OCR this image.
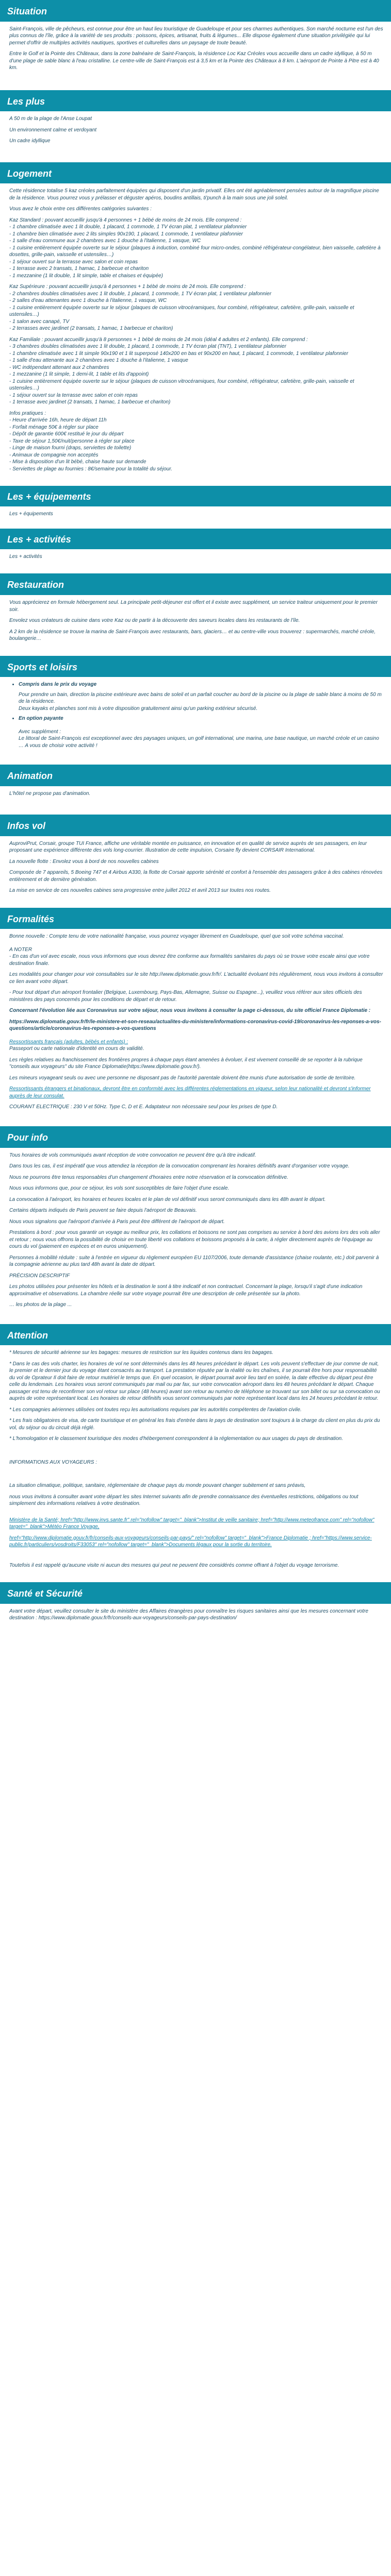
Situation

Saint-François, ville de pêcheurs, est connue pour être un haut lieu touristique de Guadeloupe et pour ses charmes authentiques. Son marché nocturne est l'un des plus connus de l'île, grâce à la variété de ses produits : poissons, épices, artisanat, fruits & légumes... Elle dispose également d'une situation privilégiée qui lui permet d'offrir de multiples activités nautiques, sportives et culturelles dans un paysage de toute beauté.

Entre le Golf et la Pointe des Châteaux, dans la zone balnéaire de Saint-François, la résidence Loc Kaz Créoles vous accueille dans un cadre idyllique, à 50 m d'une plage de sable blanc à l'eau cristalline. Le centre-ville de Saint-François est à 3,5 km et la Pointe des Châteaux à 8 km. L'aéroport de Pointe à Pitre est à 40 km.

Les plus

A 50 m de la plage de l'Anse Loupat

Un environnement calme et verdoyant

Un cadre idyllique

Logement

Cette résidence totalise 5 kaz créoles parfaitement équipées qui disposent d'un jardin privatif. Elles ont été agréablement pensées autour de la magnifique piscine de la résidence. Vous pourrez vous y prélasser et déguster apéros, boudins antillais, ti'punch à la main sous une joli soleil.

Vous avez le choix entre ces différentes catégories suivantes :

Kaz Standard : pouvant accueillir jusqu'à 4 personnes + 1 bébé de moins de 24 mois. Elle comprend :
- 1 chambre climatisée avec 1 lit double, 1 placard, 1 commode, 1 TV écran plat, 1 ventilateur plafonnier
- 1 chambre bien climatisée avec 2 lits simples 90x190, 1 placard, 1 commode, 1 ventilateur plafonnier
- 1 salle d'eau commune aux 2 chambres avec 1 douche à l'italienne, 1 vasque, WC
- 1 cuisine entièrement équipée ouverte sur le séjour (plaques à induction, combiné four micro-ondes, combiné réfrigérateur-congélateur, bien vaisselle, cafetière à dosettes, grille-pain, vaisselle et ustensiles…)
- 1 séjour ouvert sur la terrasse avec salon et coin repas
- 1 terrasse avec 2 transats, 1 hamac, 1 barbecue et chariton
- 1 mezzanine (1 lit double, 1 lit simple, table et chaises et équipée)
Kaz Supérieure : pouvant accueillir jusqu'à 4 personnes + 1 bébé de moins de 24 mois. Elle comprend :
- 2 chambres doubles climatisées avec 1 lit double, 1 placard, 1 commode, 1 TV écran plat, 1 ventilateur plafonnier
- 2 salles d'eau attenantes avec 1 douche à l'italienne, 1 vasque, WC
- 1 cuisine entièrement équipée ouverte sur le séjour (plaques de cuisson vitrocéramiques, four combiné, réfrigérateur, cafetière, grille-pain, vaisselle et ustensiles…)
- 1 salon avec canapé, TV
- 2 terrasses avec jardinet (2 transats, 1 hamac, 1 barbecue et chariton)
Kaz Familiale : pouvant accueillir jusqu'à 8 personnes + 1 bébé de moins de 24 mois (idéal 4 adultes et 2 enfants). Elle comprend :
- 3 chambres doubles climatisées avec 1 lit double, 1 placard, 1 commode, 1 TV écran plat (TNT), 1 ventilateur plafonnier
- 1 chambre climatisée avec 1 lit simple 90x190 et 1 lit superposé 140x200 en bas et 90x200 en haut, 1 placard, 1 commode, 1 ventilateur plafonnier
- 1 salle d'eau attenante aux 2 chambres avec 1 douche à l'italienne, 1 vasque
- WC indépendant attenant aux 2 chambres
- 1 mezzanine (1 lit simple, 1 demi-lit, 1 table et lits d'appoint)
- 1 cuisine entièrement équipée ouverte sur le séjour (plaques de cuisson vitrocéramiques, four combiné, réfrigérateur, cafetière, grille-pain, vaisselle et ustensiles…)
- 1 séjour ouvert sur la terrasse avec salon et coin repas
- 1 terrasse avec jardinet (2 transats, 1 hamac, 1 barbecue et chariton)
Infos pratiques :
- Heure d'arrivée 16h, heure de départ 11h
- Forfait ménage 50€ à régler sur place
- Dépôt de garantie 600€ restitué le jour du départ
- Taxe de séjour 1,50€/nuit/personne à régler sur place
- Linge de maison fourni (draps, serviettes de toilette)
- Animaux de compagnie non acceptés
- Mise à disposition d'un lit bébé, chaise haute sur demande
- Serviettes de plage au fournies : 8€/semaine pour la totalité du séjour.
Les + équipements

Les + équipements

Les + activités

Les + activités

Restauration

Vous apprécierez en formule hébergement seul. La principale petit-déjeuner est offert et il existe avec supplément, un service traiteur uniquement pour le premier soir.

Envolez vous créateurs de cuisine dans votre Kaz ou de partir à la découverte des saveurs locales dans les restaurants de l'île.

A 2 km de la résidence se trouve la marina de Saint-François avec restaurants, bars, glaciers… et au centre-ville vous trouverez : supermarchés, marché créole, boulangerie…

Sports et loisirs
• Compris dans le prix du voyage
Pour prendre un bain, direction la piscine extérieure avec bains de soleil et un parfait coucher au bord de la piscine ou la plage de sable blanc à moins de 50 m de la résidence.
Deux kayaks et planches sont mis à votre disposition gratuitement ainsi qu'un parking extérieur sécurisé.
• En option payante
Avec supplément :
Le littoral de Saint-François est exceptionnel avec des paysages uniques, un golf international, une marina, une base nautique, un marché créole et un casino … A vous de choisir votre activité !
Animation

L'hôtel ne propose pas d'animation.

Infos vol

AuproviPrut, Corsair, groupe TUI France, affiche une véritable montée en puissance, en innovation et en qualité de service auprès de ses passagers, en leur proposant une expérience différente des vols long-courrier. Illustration de cette impulsion, Corsaire fly devient CORSAIR International.

La nouvelle flotte : Envolez vous à bord de nos nouvelles cabines

Composée de 7 appareils, 5 Boeing 747 et 4 Airbus A330, la flotte de Corsair apporte sérénité et confort à l'ensemble des passagers grâce à des cabines rénovées entièrement et de dernière génération.

La mise en service de ces nouvelles cabines sera progressive entre juillet 2012 et avril 2013 sur toutes nos routes.

Formalités

Bonne nouvelle : Compte tenu de votre nationalité française, vous pourrez voyager librement en Guadeloupe, quel que soit votre schéma vaccinal.

A NOTER

- En cas d'un vol avec escale, nous vous informons que vous devrez être conforme aux formalités sanitaires du pays où se trouve votre escale ainsi que votre destination finale.

Les modalités pour changer pour voir consultables sur le site http://www.diplomatie.gouv.fr/fr/. L'actualité évoluant très régulièrement, nous vous invitons à consulter ce lien avant votre départ.

- Pour tout départ d'un aéroport frontalier (Belgique, Luxembourg, Pays-Bas, Allemagne, Suisse ou Espagne...), veuillez vous référer aux sites officiels des ministères des pays concernés pour les conditions de départ et de retour.

Concernant l'évolution liée aux Coronavirus sur votre séjour, nous vous invitons à consulter la page ci-dessous, du site officiel France Diplomatie :

https://www.diplomatie.gouv.fr/fr/le-ministere-et-son-reseau/actualites-du-ministere/informations-coronavirus-covid-19/coronavirus-les-reponses-a-vos-questions/article/coronavirus-les-reponses-a-vos-questions

Ressortissants français (adultes, bébés et enfants) :

Passeport ou carte nationale d'identité en cours de validité.

Les règles relatives au franchissement des frontières propres à chaque pays étant amenées à évoluer, il est vivement conseillé de se reporter à la rubrique "conseils aux voyageurs" du site France Diplomatie(https://www.diplomatie.gouv.fr/).

Les mineurs voyageant seuls ou avec une personne ne disposant pas de l'autorité parentale doivent être munis d'une autorisation de sortie de territoire.

Ressortissants étrangers et binationaux, devront être en conformité avec les différentes réglementations en vigueur, selon leur nationalité et devront s'informer auprès de leur consulat.

COURANT ELECTRIQUE : 230 V et 50Hz. Type C, D et E. Adaptateur non nécessaire seul pour les prises de type D.

Pour info

Tous horaires de vols communiqués avant réception de votre convocation ne peuvent être qu'à titre indicatif.

Dans tous les cas, il est impératif que vous attendiez la réception de la convocation comprenant les horaires définitifs avant d'organiser votre voyage.

Nous ne pourrons être tenus responsables d'un changement d'horaires entre notre réservation et la convocation définitive.

Nous vous informons que, pour ce séjour, les vols sont susceptibles de faire l'objet d'une escale.

La convocation à l'aéroport, les horaires et heures locales et le plan de vol définitif vous seront communiqués dans les 48h avant le départ.

Certains départs indiqués de Paris peuvent se faire depuis l'aéroport de Beauvais.

Nous vous signalons que l'aéroport d'arrivée à Paris peut être différent de l'aéroport de départ.

Prestations à bord : pour vous garantir un voyage au meilleur prix, les collations et boissons ne sont pas comprises au service à bord des avions lors des vols aller et retour ; nous vous offrons la possibilité de choisir en toute liberté vos collations et boissons proposés à la carte, à régler directement auprès de l'équipage au cours du vol (paiement en espèces et en euros uniquement).

Personnes à mobilité réduite : suite à l'entrée en vigueur du règlement européen EU 1107/2006, toute demande d'assistance (chaise roulante, etc.) doit parvenir à la compagnie aérienne au plus tard 48h avant la date de départ.

PRÉCISION DESCRIPTIF

Les photos utilisées pour présenter les hôtels et la destination le sont à titre indicatif et non contractuel. Concernant la plage, lorsqu'il s'agit d'une indication approximative et observations. La chambre réelle sur votre voyage pourrait être une description de celle présentée sur la photo.

… les photos de la plage ...

Attention

* Mesures de sécurité aérienne sur les bagages: mesures de restriction sur les liquides contenus dans les bagages.

* Dans le cas des vols charter, les horaires de vol ne sont déterminés dans les 48 heures précédant le départ. Les vols peuvent s'effectuer de jour comme de nuit, le premier et le dernier jour du voyage étant consacrés au transport. La prestation réputée par la réalité ou les chaînes, il se pourrait être hors pour responsabilité du vol de Oprateur Il doit faire de retour mutériel le temps que. En quel occasion, le départ pourrait avoir lieu tard en soirée, la date effective du départ peut être celle du lendemain. Les horaires vous seront communiqués par mail ou par fax, sur votre convocation aéroport dans les 48 heures précédant le départ. Chaque passager est tenu de reconfirmer son vol retour sur place (48 heures) avant son retour au numéro de téléphone se trouvant sur son billet ou sur sa convocation ou auprès de votre représentant local. Les horaires de retour définitifs vous seront communiqués par notre représentant local dans les 24 heures précédant le retour.

* Les compagnies aériennes utilisées ont toutes reçu les autorisations requises par les autorités compétentes de l'aviation civile.

* Les frais obligatoires de visa, de carte touristique et en général les frais d'entrée dans le pays de destination sont toujours à la charge du client en plus du prix du vol, du séjour ou du circuit déjà réglé.

* L'homologation et le classement touristique des modes d'hébergement correspondent à la réglementation ou aux usages du pays de destination.

INFORMATIONS AUX VOYAGEURS :

La situation climatique, politique, sanitaire, réglementaire de chaque pays du monde pouvant changer subitement et sans préavis,

nous vous invitons à consulter avant votre départ les sites Internet suivants afin de prendre connaissance des éventuelles restrictions, obligations ou tout simplement des informations relatives à votre destination.

Ministère de la Santé; href="http://www.invs.sante.fr" rel="nofollow" target="_blank">Institut de veille sanitaire; href="http://www.meteofrance.com" rel="nofollow" target="_blank">Météo France Voyage,

href="http://www.diplomatie.gouv.fr/fr/conseils-aux-voyageurs/conseils-par-pays/" rel="nofollow" target="_blank">France Diplomatie ; href="https://www.service-public.fr/particuliers/vosdroits/F33053" rel="nofollow" target="_blank">Documents légaux pour la sortie du territoire.

Toutefois il est rappelé qu'aucune visite ni aucun des mesures qui peut ne peuvent être considérés comme offrant à l'objet du voyage terrorisme.

Santé et Sécurité

Avant votre départ, veuillez consulter le site du ministère des Affaires étrangères pour connaître les risques sanitaires ainsi que les mesures concernant votre destination : https://www.diplomatie.gouv.fr/fr/conseils-aux-voyageurs/conseils-par-pays-destination/
